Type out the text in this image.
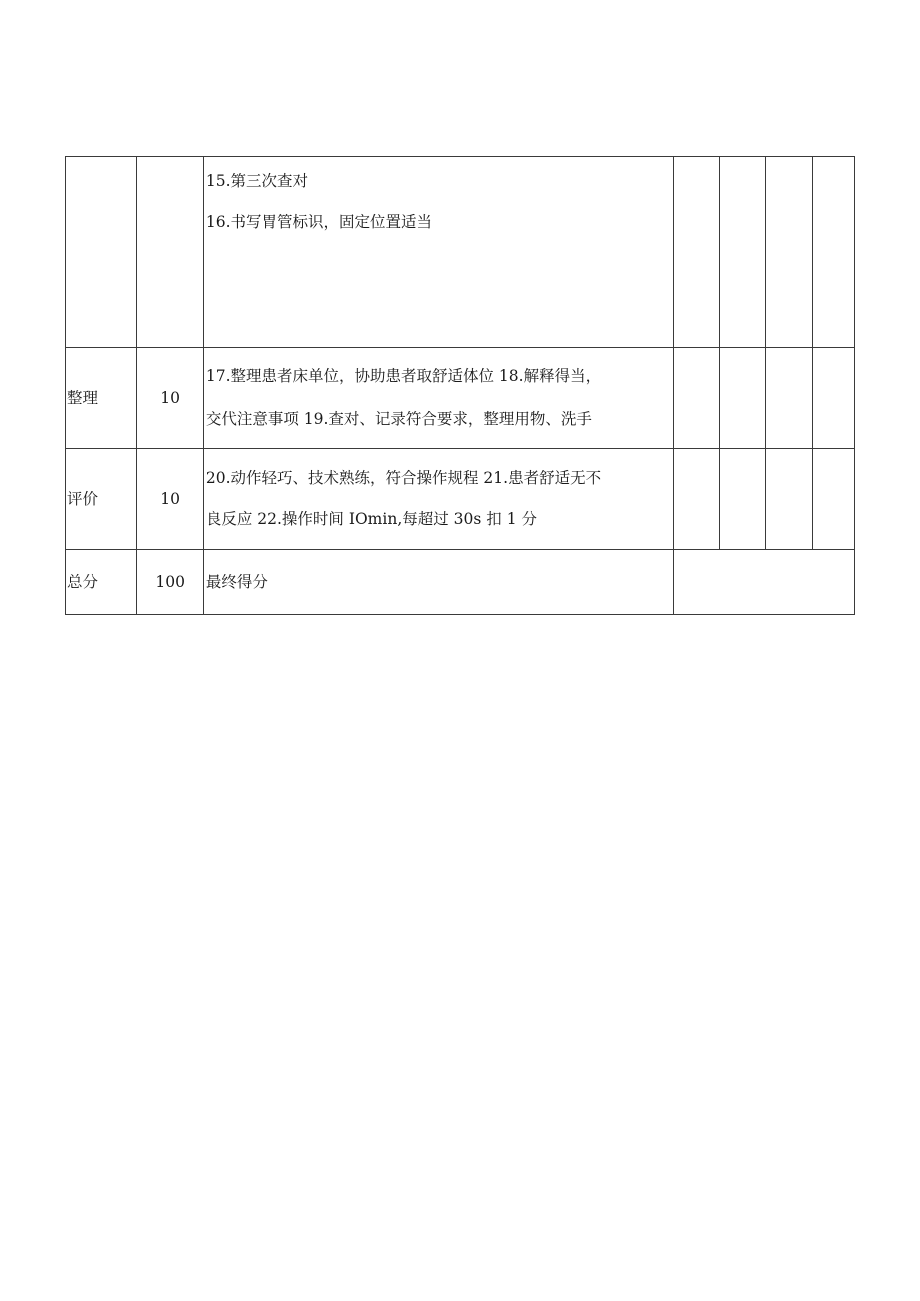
		15.第三次查对
16.书写胃管标识，固定位置适当				

整理	10	17.整理患者床单位，协助患者取舒适体位 18.解释得当，
交代注意事项 19.查对、记录符合要求，整理用物、洗手				

评价	10	20.动作轻巧、技术熟练，符合操作规程 21.患者舒适无不
良反应 22.操作时间 IOmin,每超过 30s 扣 1 分				

总分	100	最终得分				
